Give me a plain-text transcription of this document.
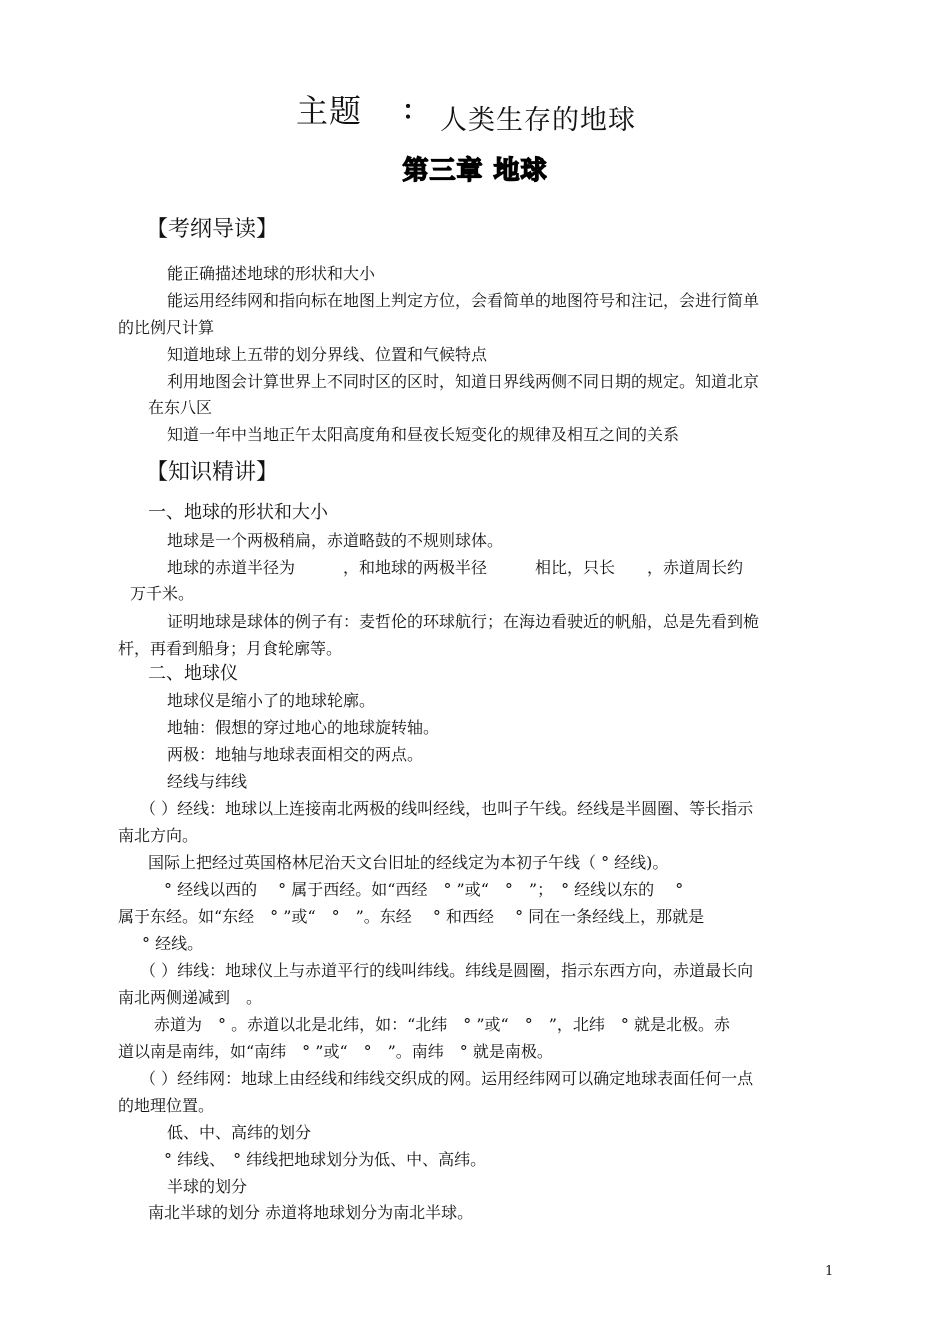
主题 ： 人类生存的地球
第三章 地球
【考纲导读】
能正确描述地球的形状和大小
能运用经纬网和指向标在地图上判定方位，会看简单的地图符号和注记，会进行简单
的比例尺计算
知道地球上五带的划分界线、位置和气候特点
利用地图会计算世界上不同时区的区时，知道日界线两侧不同日期的规定。知道北京
在东八区
知道一年中当地正午太阳高度角和昼夜长短变化的规律及相互之间的关系
【知识精讲】
一、地球的形状和大小
地球是一个两极稍扁，赤道略鼓的不规则球体。
地球的赤道半径为　　　，和地球的两极半径　　　相比，只长　　，赤道周长约
万千米。
证明地球是球体的例子有：麦哲伦的环球航行；在海边看驶近的帆船，总是先看到桅
杆，再看到船身；月食轮廓等。
二、地球仪
地球仪是缩小了的地球轮廓。
地轴：假想的穿过地心的地球旋转轴。
两极：地轴与地球表面相交的两点。
经线与纬线
（ ）经线：地球以上连接南北两极的线叫经线，也叫子午线。经线是半圆圈、等长指示
南北方向。
国际上把经过英国格林尼治天文台旧址的经线定为本初子午线（ ° 经线)。
° 经线以西的　 ° 属于西经。如“西经　° ”或“　°　”；　° 经线以东的　 °
属于东经。如“东经　° ”或“　°　”。东经　 ° 和西经　 ° 同在一条经线上，那就是
° 经线。
（ ）纬线：地球仪上与赤道平行的线叫纬线。纬线是圆圈，指示东西方向，赤道最长向
南北两侧递减到　。
赤道为　° 。赤道以北是北纬，如：“北纬　° ”或“　°　”，北纬　° 就是北极。赤
道以南是南纬，如“南纬　° ”或“　°　”。南纬　° 就是南极。
（ ）经纬网：地球上由经线和纬线交织成的网。运用经纬网可以确定地球表面任何一点
的地理位置。
低、中、高纬的划分
° 纬线、　° 纬线把地球划分为低、中、高纬。
半球的划分
南北半球的划分 赤道将地球划分为南北半球。
1
